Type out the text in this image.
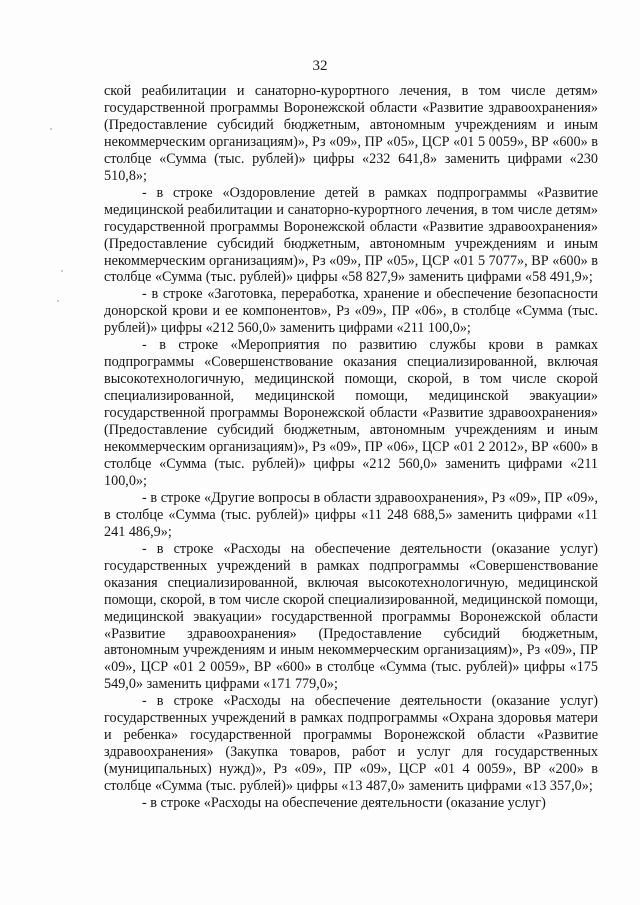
32

ской реабилитации и санаторно-курортного лечения, в том числе детям» государственной программы Воронежской области «Развитие здравоохранения» (Предоставление субсидий бюджетным, автономным учреждениям и иным некоммерческим организациям)», Рз «09», ПР «05», ЦСР «01 5 0059», ВР «600» в столбце «Сумма (тыс. рублей)» цифры «232 641,8» заменить цифрами «230 510,8»;

- в строке «Оздоровление детей в рамках подпрограммы «Развитие медицинской реабилитации и санаторно-курортного лечения, в том числе детям» государственной программы Воронежской области «Развитие здравоохранения» (Предоставление субсидий бюджетным, автономным учреждениям и иным некоммерческим организациям)», Рз «09», ПР «05», ЦСР «01 5 7077», ВР «600» в столбце «Сумма (тыс. рублей)» цифры «58 827,9» заменить цифрами «58 491,9»;

- в строке «Заготовка, переработка, хранение и обеспечение безопасности донорской крови и ее компонентов», Рз «09», ПР «06», в столбце «Сумма (тыс. рублей)» цифры «212 560,0» заменить цифрами «211 100,0»;

- в строке «Мероприятия по развитию службы крови в рамках подпрограммы «Совершенствование оказания специализированной, включая высокотехнологичную, медицинской помощи, скорой, в том числе скорой специализированной, медицинской помощи, медицинской эвакуации» государственной программы Воронежской области «Развитие здравоохранения» (Предоставление субсидий бюджетным, автономным учреждениям и иным некоммерческим организациям)», Рз «09», ПР «06», ЦСР «01 2 2012», ВР «600» в столбце «Сумма (тыс. рублей)» цифры «212 560,0» заменить цифрами «211 100,0»;

- в строке «Другие вопросы в области здравоохранения», Рз «09», ПР «09», в столбце «Сумма (тыс. рублей)» цифры «11 248 688,5» заменить цифрами «11 241 486,9»;

- в строке «Расходы на обеспечение деятельности (оказание услуг) государственных учреждений в рамках подпрограммы «Совершенствование оказания специализированной, включая высокотехнологичную, медицинской помощи, скорой, в том числе скорой специализированной, медицинской помощи, медицинской эвакуации» государственной программы Воронежской области «Развитие здравоохранения» (Предоставление субсидий бюджетным, автономным учреждениям и иным некоммерческим организациям)», Рз «09», ПР «09», ЦСР «01 2 0059», ВР «600» в столбце «Сумма (тыс. рублей)» цифры «175 549,0» заменить цифрами «171 779,0»;

- в строке «Расходы на обеспечение деятельности (оказание услуг) государственных учреждений в рамках подпрограммы «Охрана здоровья матери и ребенка» государственной программы Воронежской области «Развитие здравоохранения» (Закупка товаров, работ и услуг для государственных (муниципальных) нужд)», Рз «09», ПР «09», ЦСР «01 4 0059», ВР «200» в столбце «Сумма (тыс. рублей)» цифры «13 487,0» заменить цифрами «13 357,0»;

- в строке «Расходы на обеспечение деятельности (оказание услуг)
